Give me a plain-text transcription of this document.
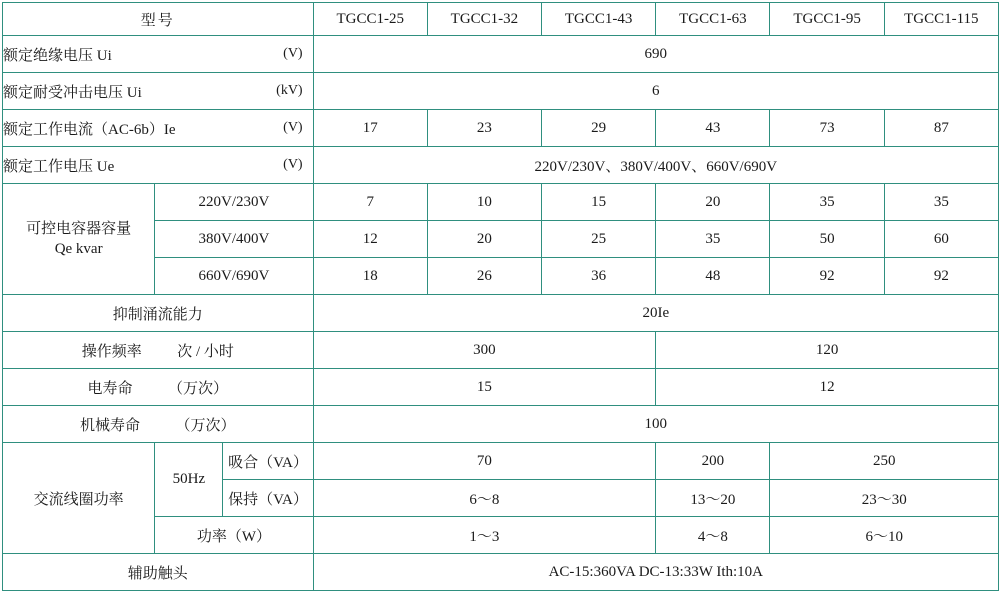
型号			TGCC1-25	TGCC1-32	TGCC1-43	TGCC1-63	TGCC1-95	TGCC1-115

额定绝缘电压 Ui (V)			690					

额定耐受冲击电压 Ui (kV)			6					

额定工作电流（AC-6b）Ie (V)			17	23	29	43	73	87

额定工作电压 Ue (V)			220V/230V、380V/400V、660V/690V					

可控电容器容量
Qe kvar	220V/230V		7	10	15	20	35	35
	380V/400V		12	20	25	35	50	60
	660V/690V		18	26	36	48	92	92
抑制涌流能力			20Ie					
操作频率 次 / 小时			300			120		
电寿命 （万次）			15			12		
机械寿命 （万次）			100					
交流线圈功率	50Hz	吸合（VA）	70			200	250	
		保持（VA）	6～8			13～20	23～30	
	功率（W）		1～3			4～8	6～10	
辅助触头			AC-15:360VA DC-13:33W Ith:10A					
